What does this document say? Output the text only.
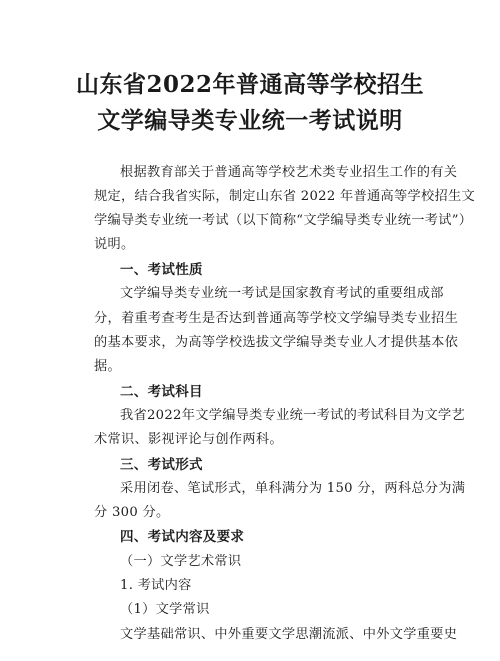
山东省2022年普通高等学校招生
文学编导类专业统一考试说明
根据教育部关于普通高等学校艺术类专业招生工作的有关
规定，结合我省实际，制定山东省 2022 年普通高等学校招生文
学编导类专业统一考试（以下简称“文学编导类专业统一考试”）
说明。
一、考试性质
文学编导类专业统一考试是国家教育考试的重要组成部
分，着重考查考生是否达到普通高等学校文学编导类专业招生
的基本要求，为高等学校选拔文学编导类专业人才提供基本依
据。
二、考试科目
我省2022年文学编导类专业统一考试的考试科目为文学艺
术常识、影视评论与创作两科。
三、考试形式
采用闭卷、笔试形式，单科满分为 150 分，两科总分为满
分 300 分。
四、考试内容及要求
（一）文学艺术常识
1. 考试内容
（1）文学常识
文学基础常识、中外重要文学思潮流派、中外文学重要史
